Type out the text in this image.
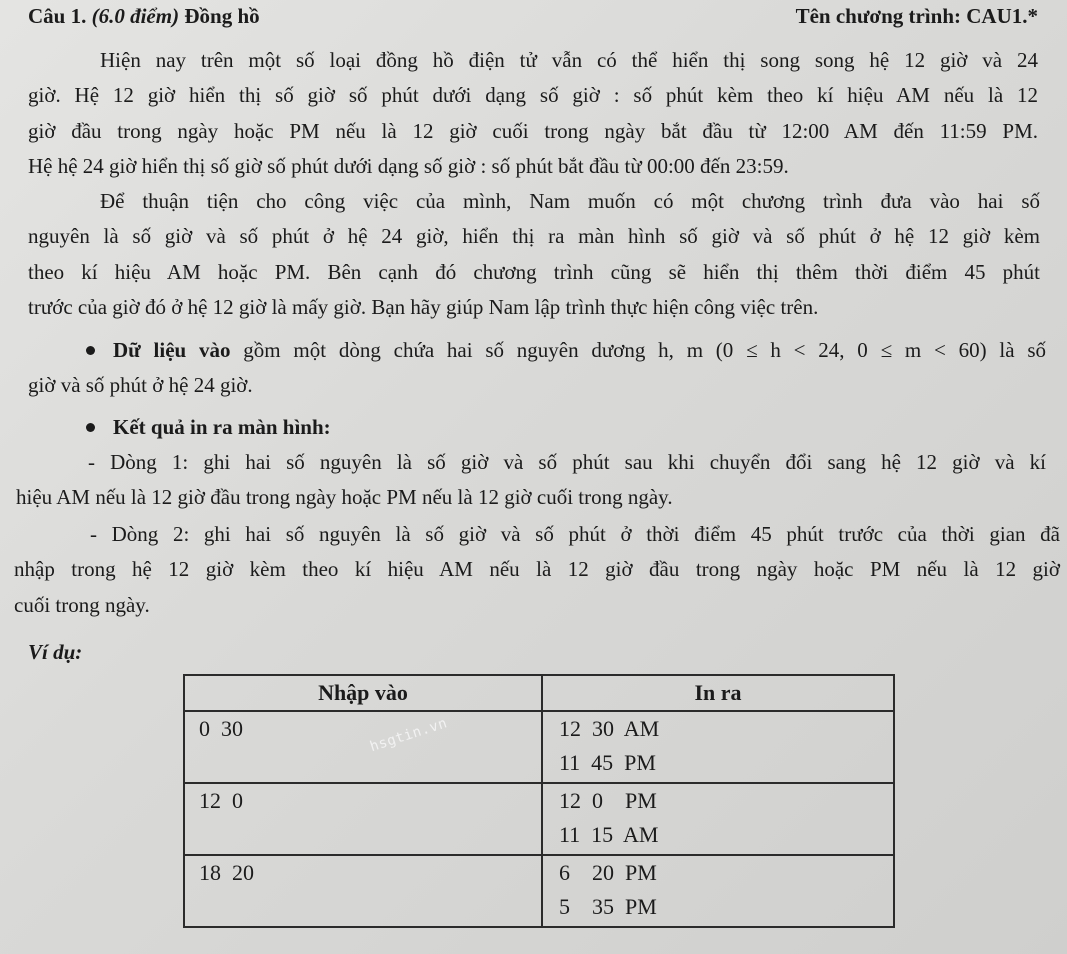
Câu 1. (6.0 điểm) Đồng hồ	Tên chương trình: CAU1.*
Hiện nay trên một số loại đồng hồ điện tử vẫn có thể hiển thị song song hệ 12 giờ và 24
giờ. Hệ 12 giờ hiển thị số giờ số phút dưới dạng số giờ : số phút kèm theo kí hiệu AM nếu là 12
giờ đầu trong ngày hoặc PM nếu là 12 giờ cuối trong ngày bắt đầu từ 12:00 AM đến 11:59 PM.
Hệ hệ 24 giờ hiển thị số giờ số phút dưới dạng số giờ : số phút bắt đầu từ 00:00 đến 23:59.
Để thuận tiện cho công việc của mình, Nam muốn có một chương trình đưa vào hai số
nguyên là số giờ và số phút ở hệ 24 giờ, hiển thị ra màn hình số giờ và số phút ở hệ 12 giờ kèm
theo kí hiệu AM hoặc PM. Bên cạnh đó chương trình cũng sẽ hiển thị thêm thời điểm 45 phút
trước của giờ đó ở hệ 12 giờ là mấy giờ. Bạn hãy giúp Nam lập trình thực hiện công việc trên.
Dữ liệu vào gồm một dòng chứa hai số nguyên dương h, m (0 ≤ h < 24, 0 ≤ m < 60) là số
giờ và số phút ở hệ 24 giờ.
Kết quả in ra màn hình:
- Dòng 1: ghi hai số nguyên là số giờ và số phút sau khi chuyển đổi sang hệ 12 giờ và kí
hiệu AM nếu là 12 giờ đầu trong ngày hoặc PM nếu là 12 giờ cuối trong ngày.
- Dòng 2: ghi hai số nguyên là số giờ và số phút ở thời điểm 45 phút trước của thời gian đã
nhập trong hệ 12 giờ kèm theo kí hiệu AM nếu là 12 giờ đầu trong ngày hoặc PM nếu là 12 giờ
cuối trong ngày.
Ví dụ:
Nhập vào	In ra
0  30	12  30  AM
11  45  PM

12  0	12  0    PM
11  15  AM

18  20	6    20  PM
5    35  PM
hsgtin.vn
